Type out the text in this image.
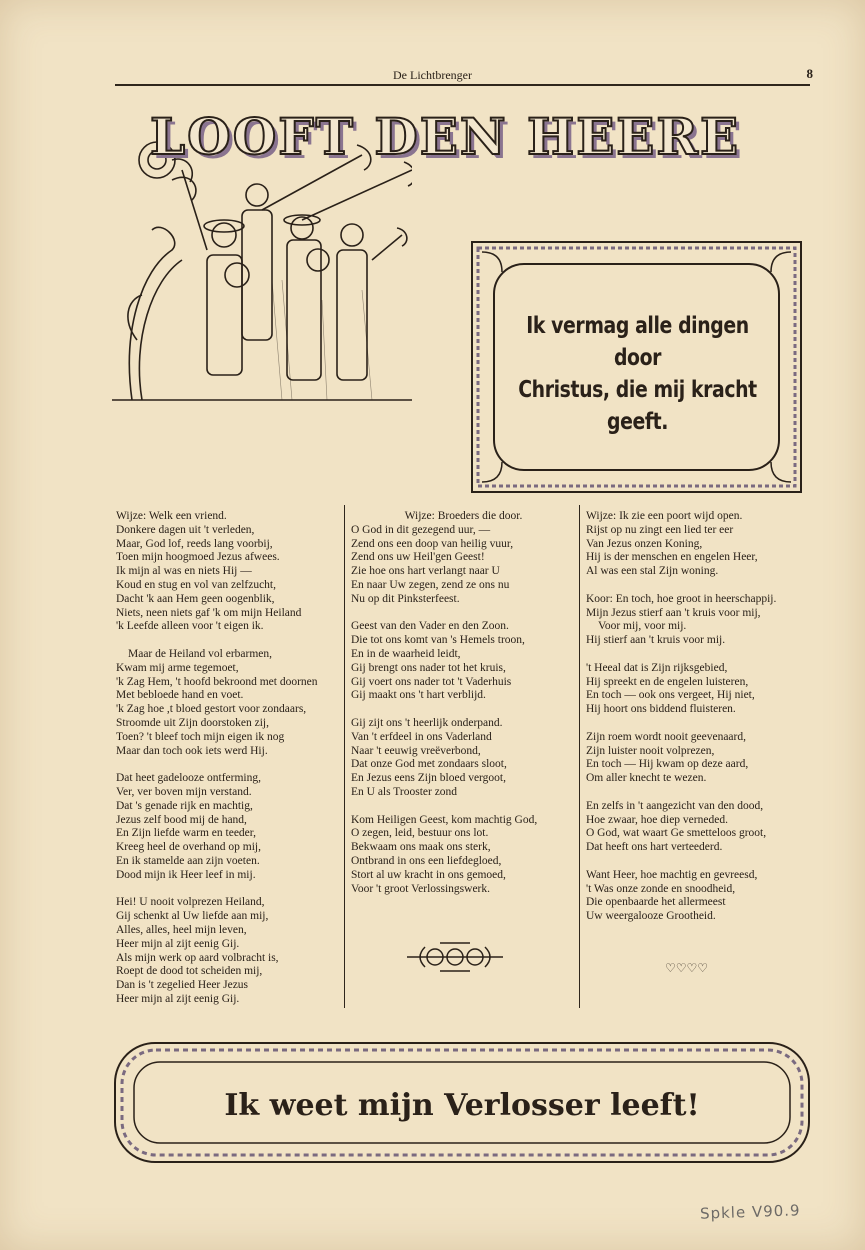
De Lichtbrenger	8
LOOFT DEN HEERE
Ik vermag alle dingen door
Christus, die mij kracht geeft.

Wijze: Welk een vriend.
Donkere dagen uit 't verleden,
Maar, God lof, reeds lang voorbij,
Toen mijn hoogmoed Jezus afwees.
Ik mijn al was en niets Hij —
Koud en stug en vol van zelfzucht,
Dacht 'k aan Hem geen oogenblik,
Niets, neen niets gaf 'k om mijn Heiland
'k Leefde alleen voor 't eigen ik.

Maar de Heiland vol erbarmen,
Kwam mij arme tegemoet,
'k Zag Hem, 't hoofd bekroond met doornen
Met bebloede hand en voet.
'k Zag hoe ,t bloed gestort voor zondaars,
Stroomde uit Zijn doorstoken zij,
Toen? 't bleef toch mijn eigen ik nog
Maar dan toch ook iets werd Hij.

Dat heet gadelooze ontferming,
Ver, ver boven mijn verstand.
Dat 's genade rijk en machtig,
Jezus zelf bood mij de hand,
En Zijn liefde warm en teeder,
Kreeg heel de overhand op mij,
En ik stamelde aan zijn voeten.
Dood mijn ik Heer leef in mij.

Hei! U nooit volprezen Heiland,
Gij schenkt al Uw liefde aan mij,
Alles, alles, heel mijn leven,
Heer mijn al zijt eenig Gij.
Als mijn werk op aard volbracht is,
Roept de dood tot scheiden mij,
Dan is 't zegelied Heer Jezus
Heer mijn al zijt eenig Gij.

Wijze: Broeders die door.

O God in dit gezegend uur, —
Zend ons een doop van heilig vuur,
Zend ons uw Heil'gen Geest!
Zie hoe ons hart verlangt naar U
En naar Uw zegen, zend ze ons nu
Nu op dit Pinksterfeest.

Geest van den Vader en den Zoon.
Die tot ons komt van 's Hemels troon,
En in de waarheid leidt,
Gij brengt ons nader tot het kruis,
Gij voert ons nader tot 't Vaderhuis
Gij maakt ons 't hart verblijd.

Gij zijt ons 't heerlijk onderpand.
Van 't erfdeel in ons Vaderland
Naar 't eeuwig vreëverbond,
Dat onze God met zondaars sloot,
En Jezus eens Zijn bloed vergoot,
En U als Trooster zond

Kom Heiligen Geest, kom machtig God,
O zegen, leid, bestuur ons lot.
Bekwaam ons maak ons sterk,
Ontbrand in ons een liefdegloed,
Stort al uw kracht in ons gemoed,
Voor 't groot Verlossingswerk.

Wijze: Ik zie een poort wijd open.
Rijst op nu zingt een lied ter eer
Van Jezus onzen Koning,
Hij is der menschen en engelen Heer,
Al was een stal Zijn woning.

Koor: En toch, hoe groot in heerschappij.
Mijn Jezus stierf aan 't kruis voor mij,
Voor mij, voor mij.
Hij stierf aan 't kruis voor mij.

't Heeal dat is Zijn rijksgebied,
Hij spreekt en de engelen luisteren,
En toch — ook ons vergeet, Hij niet,
Hij hoort ons biddend fluisteren.

Zijn roem wordt nooit geevenaard,
Zijn luister nooit volprezen,
En toch — Hij kwam op deze aard,
Om aller knecht te wezen.

En zelfs in 't aangezicht van den dood,
Hoe zwaar, hoe diep verneded.
O God, wat waart Ge smetteloos groot,
Dat heeft ons hart verteederd.

Want Heer, hoe machtig en gevreesd,
't Was onze zonde en snoodheid,
Die openbaarde het allermeest
Uw weergalooze Grootheid.

♡♡♡♡
Ik weet mijn Verlosser leeft!
Spkle V90.9
